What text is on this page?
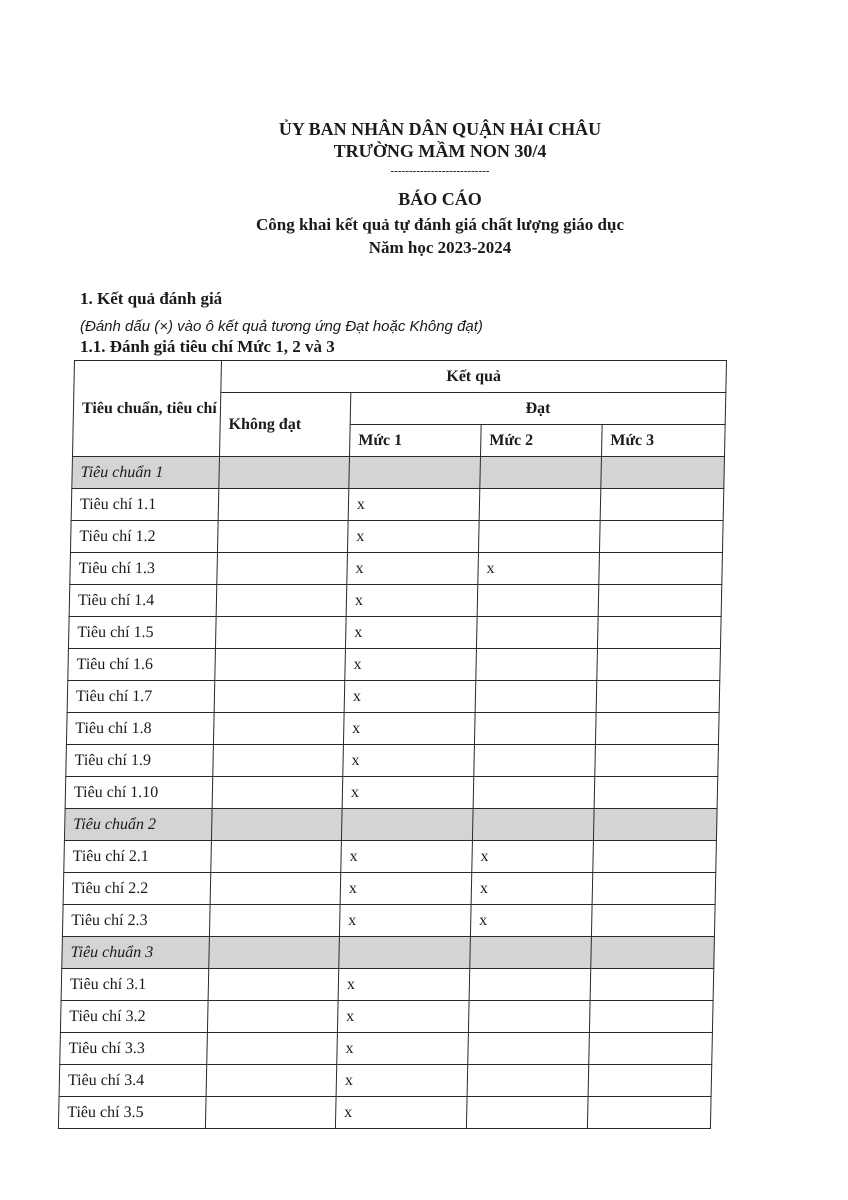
ỦY BAN NHÂN DÂN QUẬN HẢI CHÂU
TRƯỜNG MẦM NON 30/4
---------------------------
BÁO CÁO
Công khai kết quả tự đánh giá chất lượng giáo dục
Năm học 2023-2024
1. Kết quả đánh giá
(Đánh dấu (×) vào ô kết quả tương ứng Đạt hoặc Không đạt)
1.1. Đánh giá tiêu chí Mức 1, 2 và 3
Tiêu chuẩn, tiêu chí	Kết quả			
	Không đạt	Đạt		
		Mức 1	Mức 2	Mức 3
Tiêu chuẩn 1				
Tiêu chí 1.1		x		
Tiêu chí 1.2		x		
Tiêu chí 1.3		x	x	
Tiêu chí 1.4		x		
Tiêu chí 1.5		x		
Tiêu chí 1.6		x		
Tiêu chí 1.7		x		
Tiêu chí 1.8		x		
Tiêu chí 1.9		x		
Tiêu chí 1.10		x		
Tiêu chuẩn 2				
Tiêu chí 2.1		x	x	
Tiêu chí 2.2		x	x	
Tiêu chí 2.3		x	x	
Tiêu chuẩn 3				
Tiêu chí 3.1		x		
Tiêu chí 3.2		x		
Tiêu chí 3.3		x		
Tiêu chí 3.4		x		
Tiêu chí 3.5		x		
